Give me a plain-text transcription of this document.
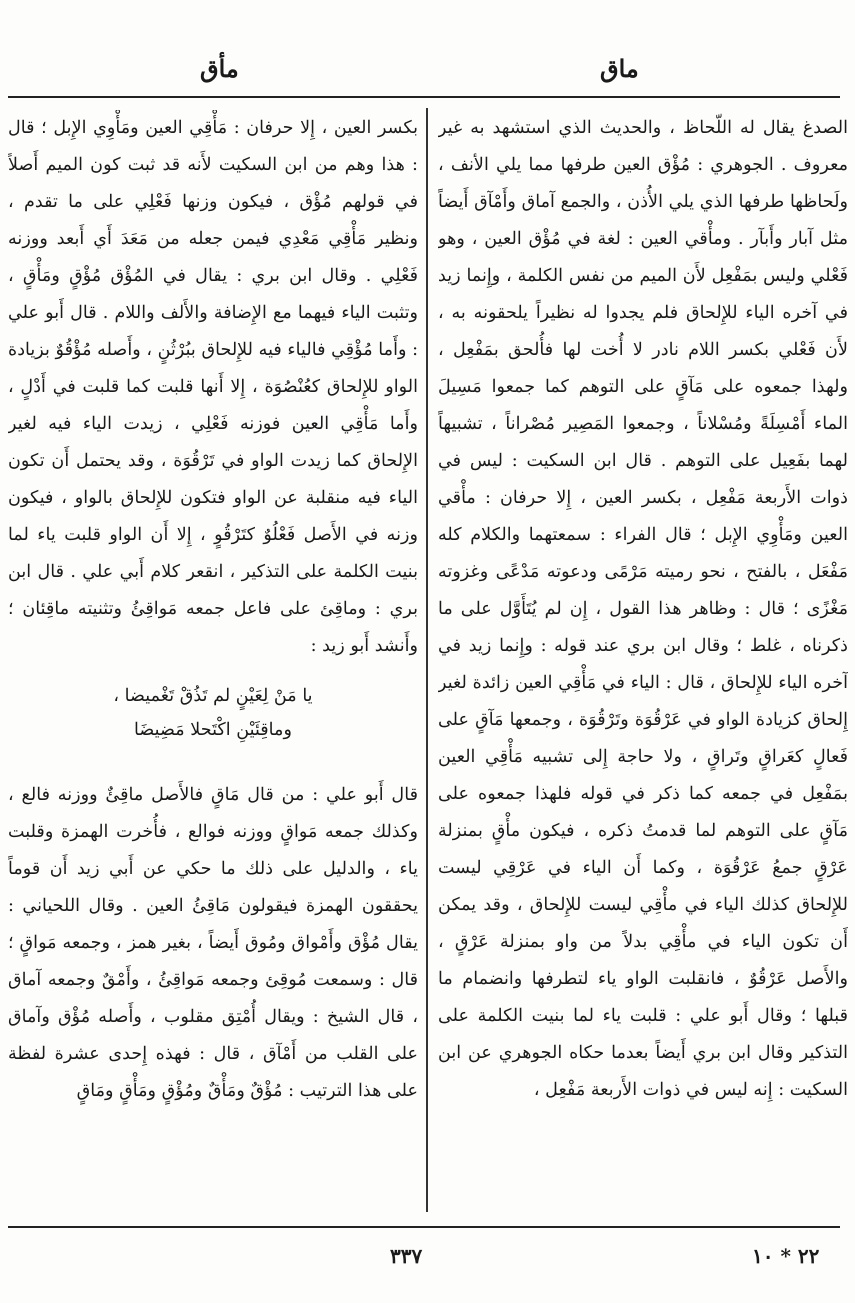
ماق
مأق

الصدغ يقال له اللّحاظ ، والحديث الذي استشهد به غير معروف . الجوهري : مُؤْق العين طرفها مما يلي الأنف ، ولَحاظها طرفها الذي يلي الأُذن ، والجمع آماق وأَمْآق أَيضاً مثل آبار وأَبآر . ومأْقي العين : لغة في مُؤْق العين ، وهو فَعْلي وليس بمَفْعِل لأَن الميم من نفس الكلمة ، وإِنما زيد في آخره الياء للإِلحاق فلم يجدوا له نظيراً يلحقونه به ، لأَن فَعْلي بكسر اللام نادر لا أُخت لها فأُلحق بمَفْعِل ، ولهذا جمعوه على مَآقٍ على التوهم كما جمعوا مَسِيلَ الماء أَمْسِلَةً ومُسْلاناً ، وجمعوا المَصِير مُصْراناً ، تشبيهاً لهما بفَعِيل على التوهم . قال ابن السكيت : ليس في ذوات الأَربعة مَفْعِل ، بكسر العين ، إِلا حرفان : مأْقي العين ومَأْوِي الإِبل ؛ قال الفراء : سمعتهما والكلام كله مَفْعَل ، بالفتح ، نحو رميته مَرْمًى ودعوته مَدْعًى وغزوته مَغْزًى ؛ قال : وظاهر هذا القول ، إِن لم يُتَأَوَّل على ما ذكرناه ، غلط ؛ وقال ابن بري عند قوله : وإِنما زيد في آخره الياء للإِلحاق ، قال : الياء في مَأْقِي العين زائدة لغير إِلحاق كزيادة الواو في عَرْقُوَة وتَرْقُوَة ، وجمعها مَآقٍ على فَعالٍ كعَراقٍ وتَراقٍ ، ولا حاجة إِلى تشبيه مَأْقِي العين بمَفْعِل في جمعه كما ذكر في قوله فلهذا جمعوه على مَآقٍ على التوهم لما قدمتُ ذكره ، فيكون مأْقٍ بمنزلة عَرْقٍ جمعُ عَرْقُوَة ، وكما أَن الياء في عَرْقِي ليست للإِلحاق كذلك الياء في مأْقِي ليست للإِلحاق ، وقد يمكن أَن تكون الياء في مأْقِي بدلاً من واو بمنزلة عَرْقٍ ، والأَصل عَرْقُوٌ ، فانقلبت الواو ياء لتطرفها وانضمام ما قبلها ؛ وقال أَبو علي : قلبت ياء لما بنيت الكلمة على التذكير وقال ابن بري أَيضاً بعدما حكاه الجوهري عن ابن السكيت : إِنه ليس في ذوات الأَربعة مَفْعِل ،

بكسر العين ، إِلا حرفان : مَأْقِي العين ومَأْوِي الإِبل ؛ قال : هذا وهم من ابن السكيت لأَنه قد ثبت كون الميم أَصلاً في قولهم مُؤْق ، فيكون وزنها فَعْلِي على ما تقدم ، ونظير مَأْقِي مَعْدِي فيمن جعله من مَعَدَ أَي أَبعد ووزنه فَعْلِي . وقال ابن بري : يقال في المُؤْق مُؤْقٍ ومَأْقٍ ، وتثبت الياء فيهما مع الإِضافة والأَلف واللام . قال أَبو علي : وأَما مُؤْقِي فالياء فيه للإِلحاق ببُرْثُنٍ ، وأَصله مُؤْقُوٌ بزيادة الواو للإِلحاق كعُنْصُوَة ، إِلا أَنها قلبت كما قلبت في أَدْلٍ ، وأَما مَأْقِي العين فوزنه فَعْلِي ، زيدت الياء فيه لغير الإِلحاق كما زيدت الواو في تَرْقُوَة ، وقد يحتمل أَن تكون الياء فيه منقلبة عن الواو فتكون للإِلحاق بالواو ، فيكون وزنه في الأَصل فَعْلُوٌ كتَرْقُوٍ ، إِلا أَن الواو قلبت ياء لما بنيت الكلمة على التذكير ، انقعر كلام أَبي علي . قال ابن بري : وماقِئ على فاعل جمعه مَواقِئُ وتثنيته ماقِئان ؛ وأَنشد أَبو زيد :

يا مَنْ لِعَيْنٍ لم تَذُقْ تَغْميضا ،
وماقِئَيْنِ اكْتَحلا مَضِيضَا

قال أَبو علي : من قال مَاقٍ فالأَصل ماقِئٌ ووزنه فالع ، وكذلك جمعه مَواقٍ ووزنه فوالع ، فأُخرت الهمزة وقلبت ياء ، والدليل على ذلك ما حكي عن أَبي زيد أَن قوماً يحققون الهمزة فيقولون مَاقِئُ العين . وقال اللحياني : يقال مُؤْق وأَمْواق ومُوق أَيضاً ، بغير همز ، وجمعه مَواقٍ ؛ قال : وسمعت مُوقِئ وجمعه مَواقِئُ ، وأَمْقٌ وجمعه آماق ، قال الشيخ : ويقال أُمْتِق مقلوب ، وأَصله مُؤْق وآماق على القلب من أَمْآق ، قال : فهذه إِحدى عشرة لفظة على هذا الترتيب : مُؤْقٌ ومَأْقٌ ومُؤْقٍ ومَأْقٍ ومَاقٍ

٣٣٧	٢٢ * ١٠
